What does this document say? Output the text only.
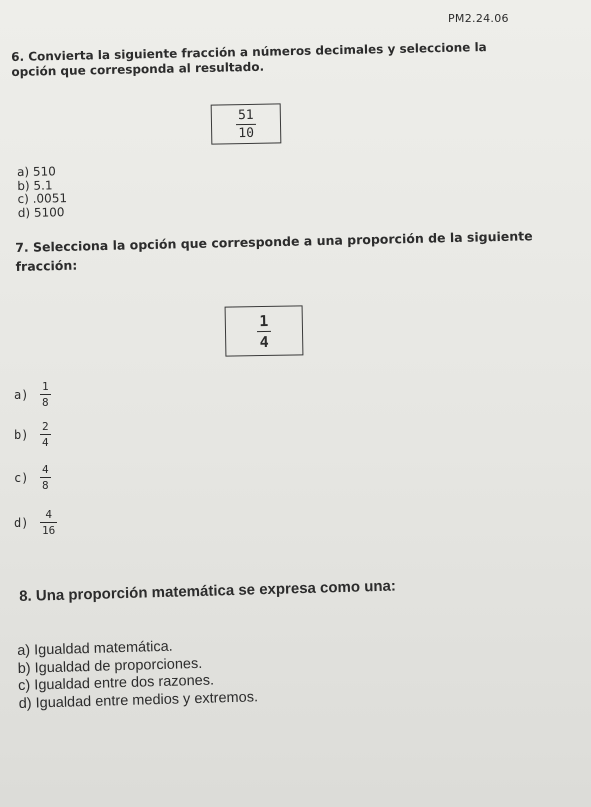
PM2.24.06
6. Convierta la siguiente fracción a números decimales y seleccione la
opción que corresponda al resultado.
$\frac{51}{10}$
a) 510
b) 5.1
c) .0051
d) 5100
7. Selecciona la opción que corresponde a una proporción de la siguiente
fracción:
$\frac{1}{4}$
a)	$\frac{1}{8}$
b)	$\frac{2}{4}$
c)	$\frac{4}{8}$
d)	$\frac{4}{16}$
8. Una proporción matemática se expresa como una:
a) Igualdad matemática.
b) Igualdad de proporciones.
c) Igualdad entre dos razones.
d) Igualdad entre medios y extremos.
